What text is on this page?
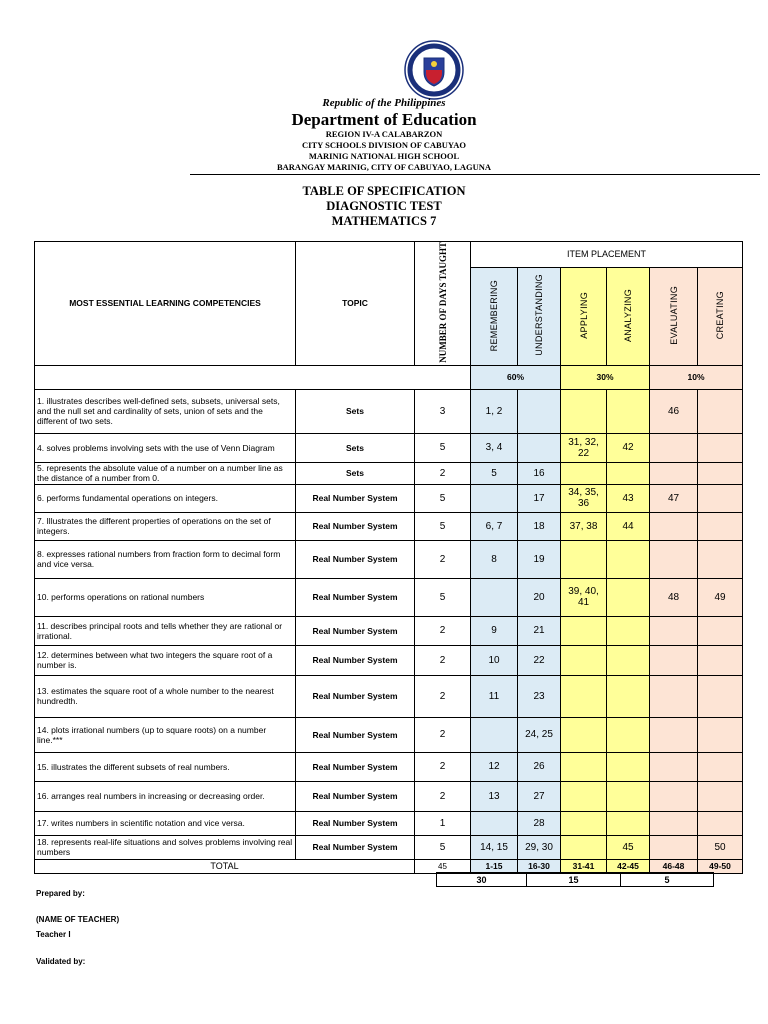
Republic of the Philippines
Department of Education
REGION IV-A CALABARZON
CITY SCHOOLS DIVISION OF CABUYAO
MARINIG NATIONAL HIGH SCHOOL
BARANGAY MARINIG, CITY OF CABUYAO, LAGUNA
TABLE OF SPECIFICATION
DIAGNOSTIC TEST
MATHEMATICS 7
MOST ESSENTIAL LEARNING COMPETENCIES	TOPIC	NUMBER OF DAYS TAUGHT	ITEM PLACEMENT					
			REMEMBERING	UNDERSTANDING	APPLYING	ANALYZING	EVALUATING	CREATING
			60%		30%		10%	
1. illustrates describes well-defined sets, subsets, universal sets, and the null set and cardinality of sets, union of sets and the different of two sets.	Sets	3	1, 2				46	
4. solves problems involving sets with the use of Venn Diagram	Sets	5	3, 4		31, 32, 22	42		
5. represents the absolute value of a number on a number line as the distance of a number from 0.	Sets	2	5	16				
6. performs fundamental operations on integers.	Real Number System	5		17	34, 35, 36	43	47	
7. Illustrates the different properties of operations on the set of integers.	Real Number System	5	6, 7	18	37, 38	44		
8. expresses rational numbers from fraction form to decimal form and vice versa.	Real Number System	2	8	19				
10. performs operations on rational numbers	Real Number System	5		20	39, 40, 41		48	49
11. describes principal roots and tells whether they are rational or irrational.	Real Number System	2	9	21				
12. determines between what two integers the square root of a number is.	Real Number System	2	10	22				
13. estimates the square root of a whole number to the nearest hundredth.	Real Number System	2	11	23				
14. plots irrational numbers (up to square roots) on a number line.***	Real Number System	2		24, 25				
15. illustrates the different subsets of real numbers.	Real Number System	2	12	26				
16. arranges real numbers in increasing or decreasing order.	Real Number System	2	13	27				
17. writes numbers in scientific notation and vice versa.	Real Number System	1		28				
18. represents real-life situations and solves problems involving real numbers	Real Number System	5	14, 15	29, 30		45		50
TOTAL		45	1-15	16-30	31-41	42-45	46-48	49-50
30	15	5
Prepared by:
(NAME OF TEACHER)
Teacher I
Validated by:
